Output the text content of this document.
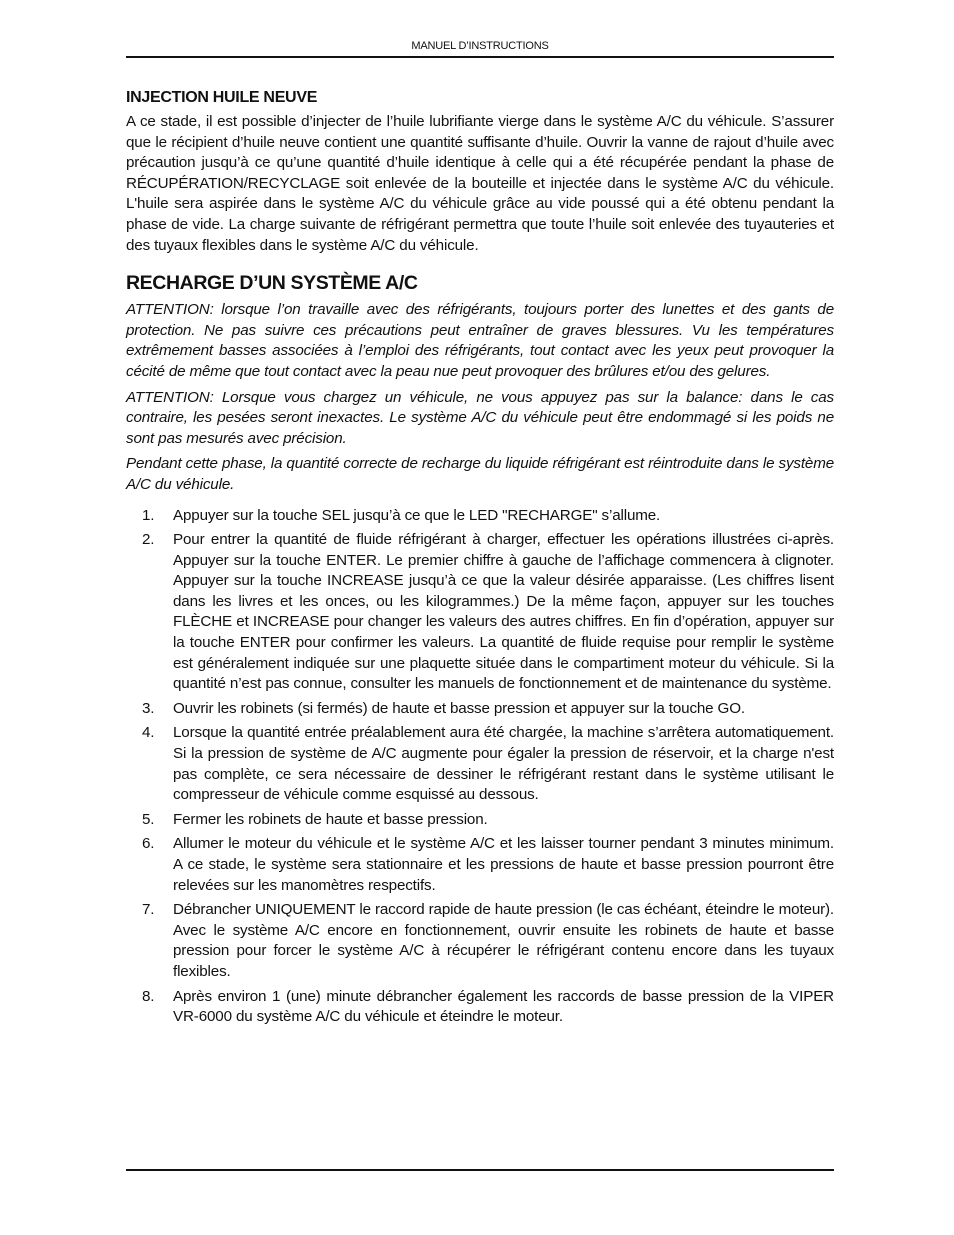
MANUEL D’INSTRUCTIONS
INJECTION HUILE NEUVE

A ce stade, il est possible d’injecter de l’huile lubrifiante vierge dans le système A/C du véhicule. S’assurer que le récipient d’huile neuve contient une quantité suffisante d’huile. Ouvrir la vanne de rajout d’huile avec précaution jusqu’à ce qu’une quantité d’huile identique à celle qui a été récupérée pendant la phase de RÉCUPÉRATION/RECYCLAGE soit enlevée de la bouteille et injectée dans le système A/C du véhicule. L'huile sera aspirée dans le système A/C du véhicule grâce au vide poussé qui a été obtenu pendant la phase de vide. La charge suivante de réfrigérant permettra que toute l’huile soit enlevée des tuyauteries et des tuyaux flexibles dans le système A/C du véhicule.

RECHARGE D’UN SYSTÈME A/C

ATTENTION: lorsque l’on travaille avec des réfrigérants, toujours porter des lunettes et des gants de protection. Ne pas suivre ces précautions peut entraîner de graves blessures. Vu les températures extrêmement basses associées à l’emploi des réfrigérants, tout contact avec les yeux peut provoquer la cécité de même que tout contact avec la peau nue peut provoquer des brûlures et/ou des gelures.

ATTENTION: Lorsque vous chargez un véhicule, ne vous appuyez pas sur la balance: dans le cas contraire, les pesées seront inexactes. Le système A/C du véhicule peut être endommagé si les poids ne sont pas mesurés avec précision.

Pendant cette phase, la quantité correcte de recharge du liquide réfrigérant est réintroduite dans le système A/C du véhicule.

1.	Appuyer sur la touche SEL jusqu’à ce que le LED "RECHARGE" s’allume.
2.	Pour entrer la quantité de fluide réfrigérant à charger, effectuer les opérations illustrées ci-après. Appuyer sur la touche ENTER. Le premier chiffre à gauche de l’affichage commencera à clignoter. Appuyer sur la touche INCREASE jusqu’à ce que la valeur désirée apparaisse. (Les chiffres lisent dans les livres et les onces, ou les kilogrammes.) De la même façon, appuyer sur les touches FLÈCHE et INCREASE pour changer les valeurs des autres chiffres. En fin d’opération, appuyer sur la touche ENTER pour confirmer les valeurs. La quantité de fluide requise pour remplir le système est généralement indiquée sur une plaquette située dans le compartiment moteur du véhicule. Si la quantité n’est pas connue, consulter les manuels de fonctionnement et de maintenance du système.
3.	Ouvrir les robinets (si fermés) de haute et basse pression et appuyer sur la touche GO.
4.	Lorsque la quantité entrée préalablement aura été chargée, la machine s’arrêtera automatiquement. Si la pression de système de A/C augmente pour égaler la pression de réservoir, et la charge n'est pas complète, ce sera nécessaire de dessiner le réfrigérant restant dans le système utilisant le compresseur de véhicule comme esquissé au dessous.
5.	Fermer les robinets de haute et basse pression.
6.	Allumer le moteur du véhicule et le système A/C et les laisser tourner pendant 3 minutes minimum. A ce stade, le système sera stationnaire et les pressions de haute et basse pression pourront être relevées sur les manomètres respectifs.
7.	Débrancher UNIQUEMENT le raccord rapide de haute pression (le cas échéant, éteindre le moteur). Avec le système A/C encore en fonctionnement, ouvrir ensuite les robinets de haute et basse pression pour forcer le système A/C à récupérer le réfrigérant contenu encore dans les tuyaux flexibles.
8.	Après environ 1 (une) minute débrancher également les raccords de basse pression de la VIPER VR-6000 du système A/C du véhicule et éteindre le moteur.
